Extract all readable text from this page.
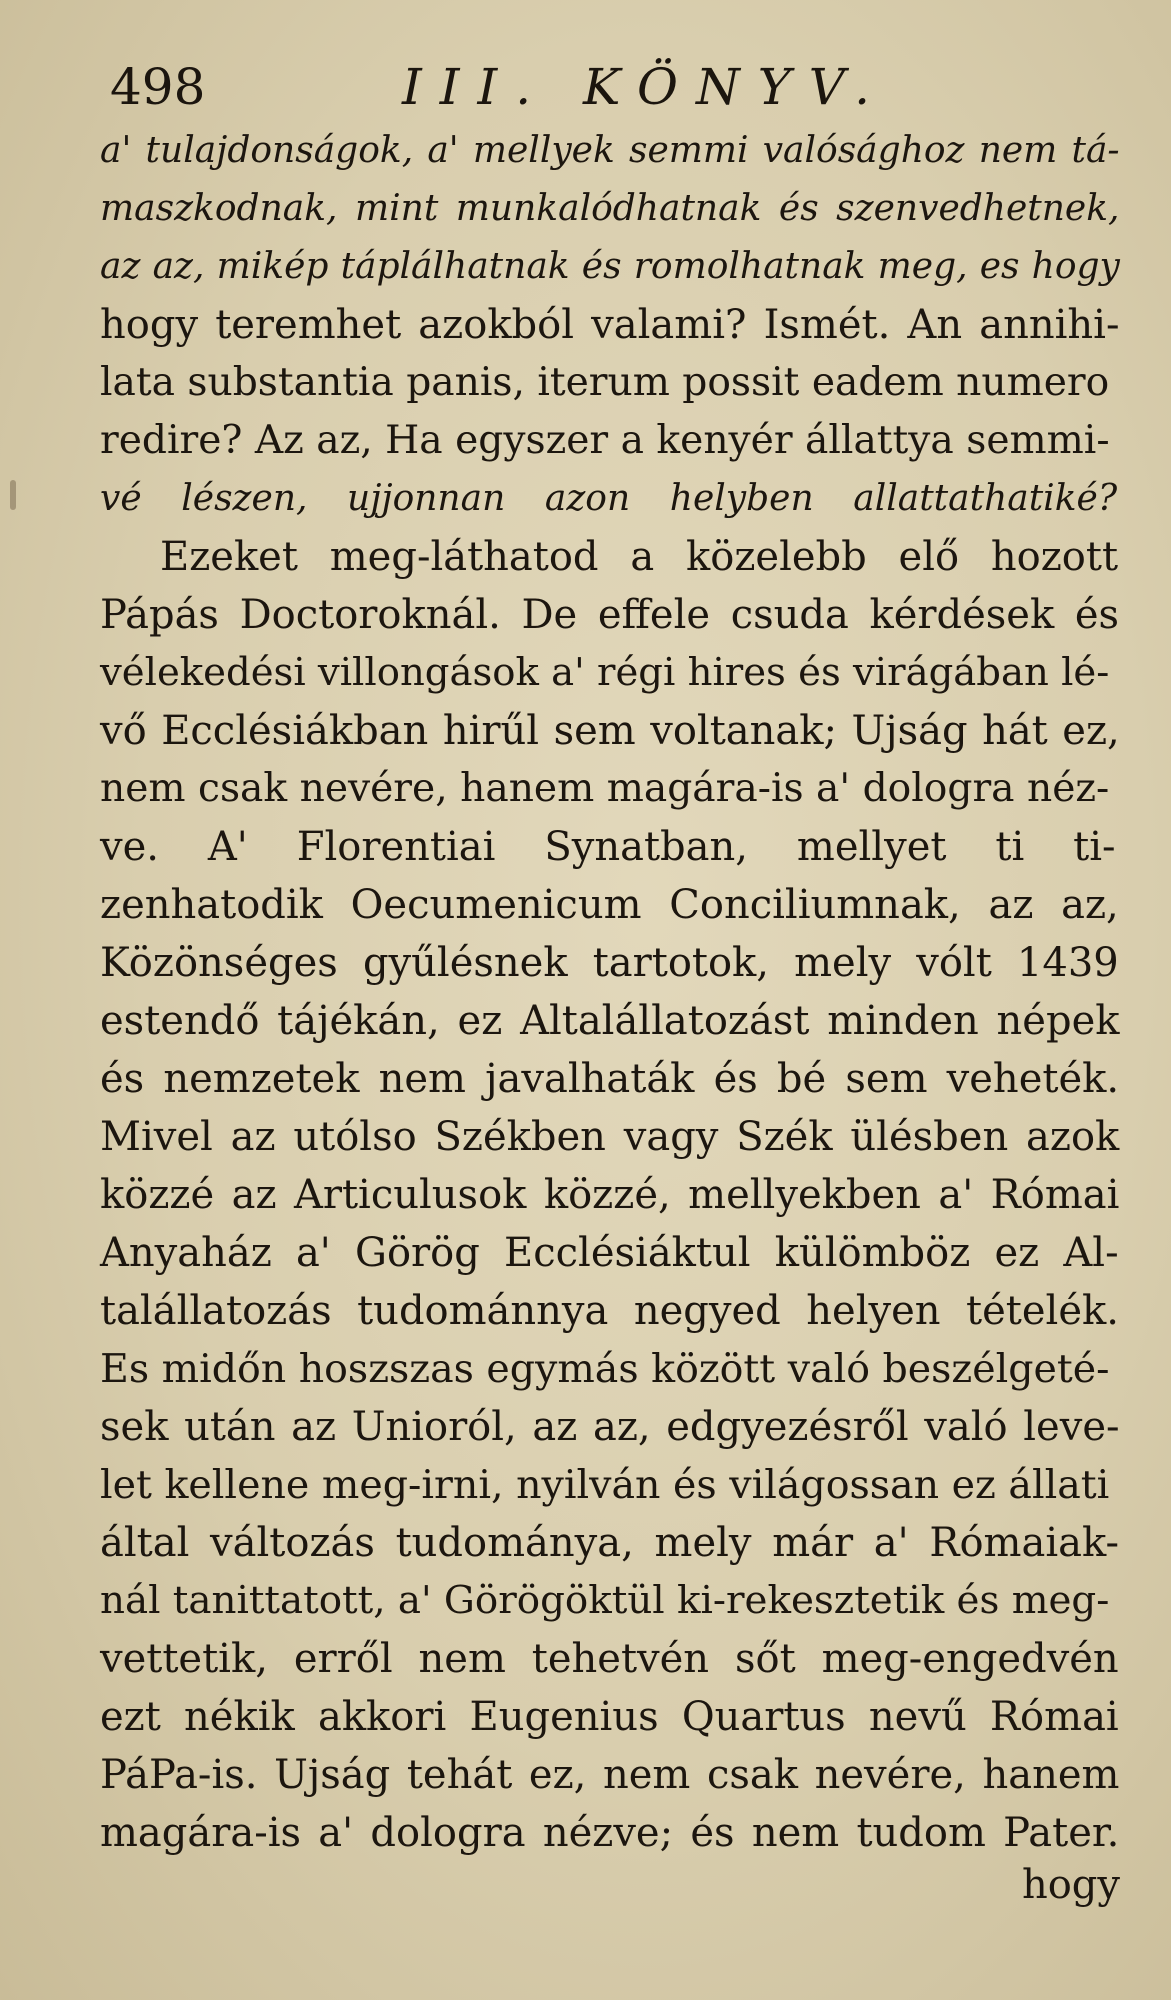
498	III. KÖNYV.
a' tulajdonságok, a' mellyek semmi valósághoz nem tá-
maszkodnak, mint munkalódhatnak és szenvedhetnek,
az az, mikép táplálhatnak és romolhatnak meg, es hogy
hogy teremhet azokból valami? Ismét. An annihi-
lata substantia panis, iterum possit eadem numero
redire? Az az, Ha egyszer a kenyér állattya semmi-
vé lészen, ujjonnan azon helyben allattathatiké?
Ezeket meg-láthatod a közelebb elő hozott
Pápás Doctoroknál. De effele csuda kérdések és
vélekedési villongások a' régi hires és virágában lé-
vő Ecclésiákban hirűl sem voltanak; Ujság hát ez,
nem csak nevére, hanem magára-is a' dologra néz-
ve. A' Florentiai Synatban, mellyet ti ti-
zenhatodik Oecumenicum Conciliumnak, az az,
Közönséges gyűlésnek tartotok, mely vólt 1439
estendő tájékán, ez Altalállatozást minden népek
és nemzetek nem javalhaták és bé sem veheték.
Mivel az utólso Székben vagy Szék ülésben azok
közzé az Articulusok közzé, mellyekben a' Római
Anyaház a' Görög Ecclésiáktul külömböz ez Al-
talállatozás tudománnya negyed helyen tételék.
Es midőn hoszszas egymás között való beszélgeté-
sek után az Unioról, az az, edgyezésről való leve-
let kellene meg-irni, nyilván és világossan ez állati
által változás tudománya, mely már a' Rómaiak-
nál tanittatott, a' Görögöktül ki-rekesztetik és meg-
vettetik, erről nem tehetvén sőt meg-engedvén
ezt nékik akkori Eugenius Quartus nevű Római
PáPa-is. Ujság tehát ez, nem csak nevére, hanem
magára-is a' dologra nézve; és nem tudom Pater.
hogy
